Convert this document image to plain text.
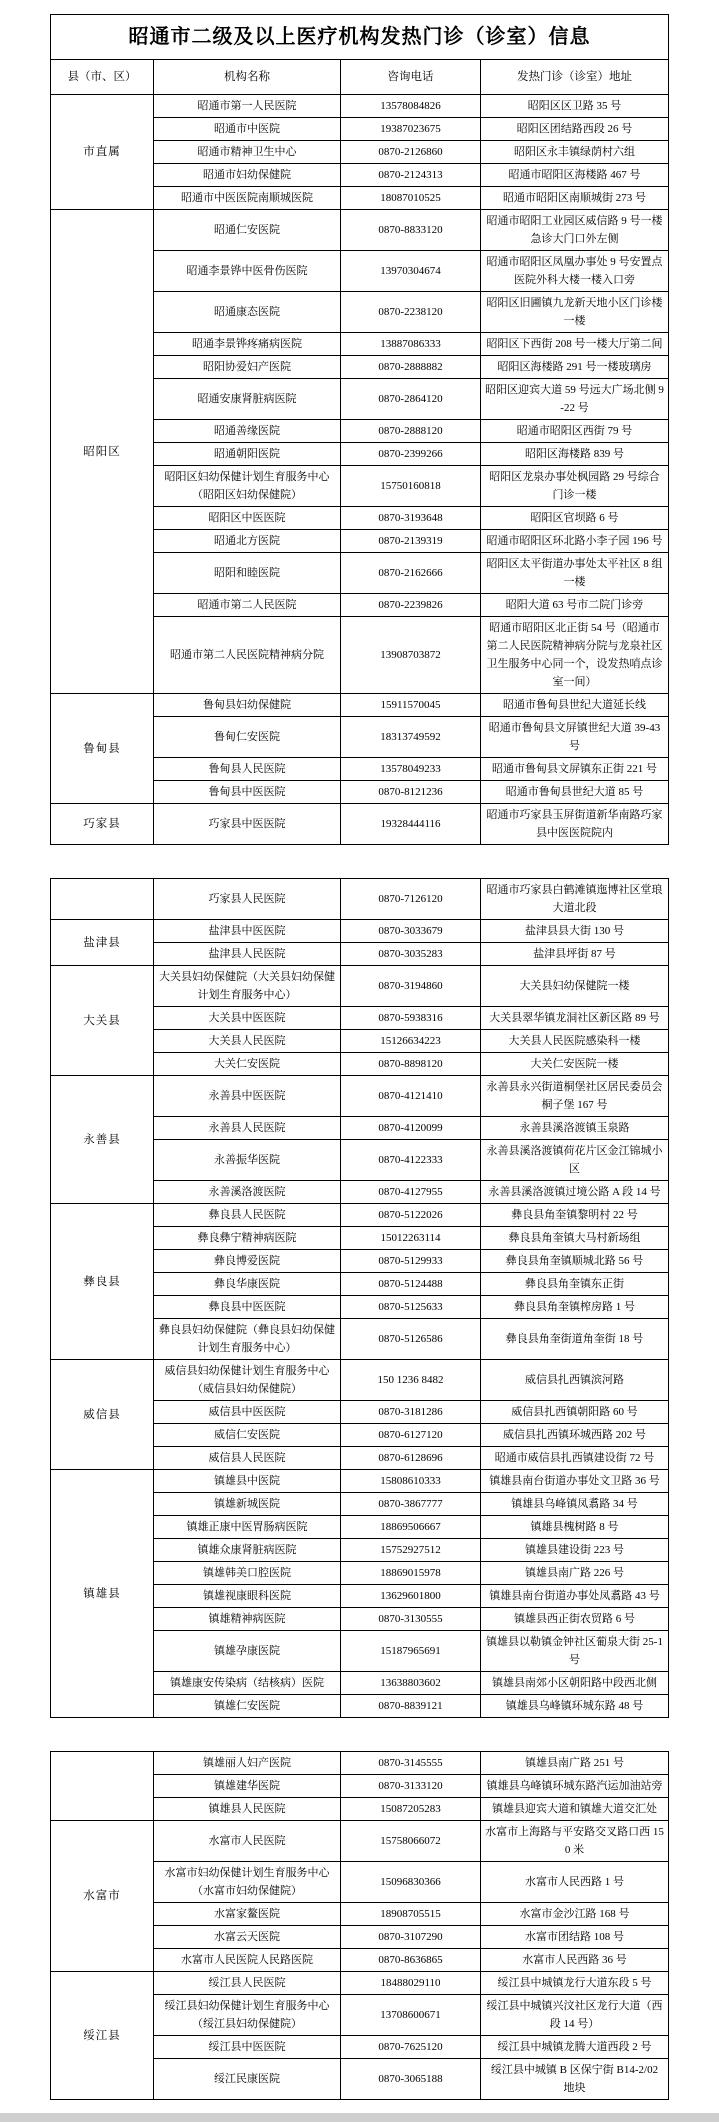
昭通市二级及以上医疗机构发热门诊（诊室）信息			
县（市、区）	机构名称	咨询电话	发热门诊（诊室）地址
市直属	昭通市第一人民医院	13578084826	昭阳区区卫路 35 号
	昭通市中医院	19387023675	昭阳区团结路西段 26 号
	昭通市精神卫生中心	0870-2126860	昭阳区永丰镇绿荫村六组
	昭通市妇幼保健院	0870-2124313	昭通市昭阳区海楼路 467 号
	昭通市中医医院南顺城医院	18087010525	昭通市昭阳区南顺城街 273 号
昭阳区	昭通仁安医院	0870-8833120	昭通市昭阳工业园区威信路 9 号一楼急诊大门口外左侧
	昭通李景铧中医骨伤医院	13970304674	昭通市昭阳区凤凰办事处 9 号安置点医院外科大楼一楼入口旁
	昭通康态医院	0870-2238120	昭阳区旧圃镇九龙新天地小区门诊楼一楼
	昭通李景铧疼痛病医院	13887086333	昭阳区下西街 208 号一楼大厅第二间
	昭阳协爱妇产医院	0870-2888882	昭阳区海楼路 291 号一楼玻璃房
	昭通安康肾脏病医院	0870-2864120	昭阳区迎宾大道 59 号远大广场北侧 9-22 号
	昭通善缘医院	0870-2888120	昭通市昭阳区西街 79 号
	昭通朝阳医院	0870-2399266	昭阳区海楼路 839 号
	昭阳区妇幼保健计划生育服务中心（昭阳区妇幼保健院）	15750160818	昭阳区龙泉办事处枫园路 29 号综合门诊一楼
	昭阳区中医医院	0870-3193648	昭阳区官坝路 6 号
	昭通北方医院	0870-2139319	昭通市昭阳区环北路小李子园 196 号
	昭阳和睦医院	0870-2162666	昭阳区太平街道办事处太平社区 8 组一楼
	昭通市第二人民医院	0870-2239826	昭阳大道 63 号市二院门诊旁
	昭通市第二人民医院精神病分院	13908703872	昭通市昭阳区北正街 54 号（昭通市第二人民医院精神病分院与龙泉社区卫生服务中心同一个，设发热哨点诊室一间）
鲁甸县	鲁甸县妇幼保健院	15911570045	昭通市鲁甸县世纪大道延长线
	鲁甸仁安医院	18313749592	昭通市鲁甸县文屏镇世纪大道 39-43 号
	鲁甸县人民医院	13578049233	昭通市鲁甸县文屏镇东正街 221 号
	鲁甸县中医医院	0870-8121236	昭通市鲁甸县世纪大道 85 号
巧家县	巧家县中医医院	19328444116	昭通市巧家县玉屏街道新华南路巧家县中医医院院内
	巧家县人民医院	0870-7126120	昭通市巧家县白鹤滩镇迤博社区堂琅大道北段
盐津县	盐津县中医医院	0870-3033679	盐津县县大街 130 号
	盐津县人民医院	0870-3035283	盐津县坪街 87 号
大关县	大关县妇幼保健院（大关县妇幼保健计划生育服务中心）	0870-3194860	大关县妇幼保健院一楼
	大关县中医医院	0870-5938316	大关县翠华镇龙洞社区新区路 89 号
	大关县人民医院	15126634223	大关县人民医院感染科一楼
	大关仁安医院	0870-8898120	大关仁安医院一楼
永善县	永善县中医医院	0870-4121410	永善县永兴街道桐堡社区居民委员会桐子堡 167 号
	永善县人民医院	0870-4120099	永善县溪洛渡镇玉泉路
	永善振华医院	0870-4122333	永善县溪洛渡镇荷花片区金江锦城小区
	永善溪洛渡医院	0870-4127955	永善县溪洛渡镇过境公路 A 段 14 号
彝良县	彝良县人民医院	0870-5122026	彝良县角奎镇黎明村 22 号
	彝良彝宁精神病医院	15012263114	彝良县角奎镇大马村新场组
	彝良博爱医院	0870-5129933	彝良县角奎镇顺城北路 56 号
	彝良华康医院	0870-5124488	彝良县角奎镇东正街
	彝良县中医医院	0870-5125633	彝良县角奎镇榨房路 1 号
	彝良县妇幼保健院（彝良县妇幼保健计划生育服务中心）	0870-5126586	彝良县角奎街道角奎街 18 号
威信县	威信县妇幼保健计划生育服务中心（威信县妇幼保健院）	150 1236 8482	威信县扎西镇滨河路
	威信县中医医院	0870-3181286	威信县扎西镇朝阳路 60 号
	威信仁安医院	0870-6127120	威信县扎西镇环城西路 202 号
	威信县人民医院	0870-6128696	昭通市威信县扎西镇建设街 72 号
镇雄县	镇雄县中医院	15808610333	镇雄县南台街道办事处文卫路 36 号
	镇雄新城医院	0870-3867777	镇雄县乌峰镇凤翥路 34 号
	镇雄正康中医胃肠病医院	18869506667	镇雄县槐树路 8 号
	镇雄众康肾脏病医院	15752927512	镇雄县建设街 223 号
	镇雄韩美口腔医院	18869015978	镇雄县南广路 226 号
	镇雄视康眼科医院	13629601800	镇雄县南台街道办事处凤翥路 43 号
	镇雄精神病医院	0870-3130555	镇雄县西正街农贸路 6 号
	镇雄孕康医院	15187965691	镇雄县以勒镇金钟社区葡泉大街 25-1 号
	镇雄康安传染病（结核病）医院	13638803602	镇雄县南郊小区朝阳路中段西北侧
	镇雄仁安医院	0870-8839121	镇雄县乌峰镇环城东路 48 号
	镇雄丽人妇产医院	0870-3145555	镇雄县南广路 251 号
	镇雄建华医院	0870-3133120	镇雄县乌峰镇环城东路汽运加油站旁
	镇雄县人民医院	15087205283	镇雄县迎宾大道和镇雄大道交汇处
水富市	水富市人民医院	15758066072	水富市上海路与平安路交叉路口西 150 米
	水富市妇幼保健计划生育服务中心（水富市妇幼保健院）	15096830366	水富市人民西路 1 号
	水富家鳌医院	18908705515	水富市金沙江路 168 号
	水富云天医院	0870-3107290	水富市团结路 108 号
	水富市人民医院人民路医院	0870-8636865	水富市人民西路 36 号
绥江县	绥江县人民医院	18488029110	绥江县中城镇龙行大道东段 5 号
	绥江县妇幼保健计划生育服务中心（绥江县妇幼保健院）	13708600671	绥江县中城镇兴汶社区龙行大道（西段 14 号）
	绥江县中医医院	0870-7625120	绥江县中城镇龙腾大道西段 2 号
	绥江民康医院	0870-3065188	绥江县中城镇 B 区保宁街 B14-2/02 地块
